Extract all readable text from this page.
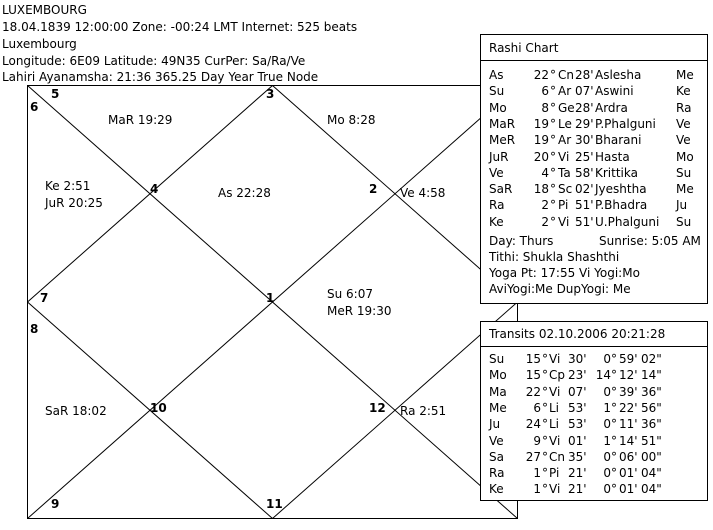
LUXEMBOURG
18.04.1839 12:00:00 Zone: -00:24 LMT Internet: 525 beats
Luxembourg
Longitude: 6E09 Latitude: 49N35 CurPer: Sa/Ra/Ve
Lahiri Ayanamsha: 21:36 365.25 Day Year True Node
1
2
3
4
5
6
7
8
9
10
11
12
Su 6:07
MeR 19:30
Ve 4:58
Mo 8:28
As 22:28
MaR 19:29
Ke 2:51
JuR 20:25
SaR 18:02	Ra 2:51
Rashi Chart
As	22 ° Cn 28' Aslesha	Me
Su	6 ° Ar 07' Aswini	Ke
Mo	8 ° Ge 28' Ardra	Ra
MaR	19 ° Le 29' P.Phalguni Ve
MeR	19 ° Ar 30' Bharani	Ve
JuR	20 ° Vi 25' Hasta	Mo
Ve	4 ° Ta 58' Krittika	Su
SaR	18 ° Sc 02' Jyeshtha Me
Ra	2 ° Pi 51' P.Bhadra Ju
Ke	2 ° Vi 51' U.Phalguni Su
Day: Thurs	Sunrise: 5:05 AM
Tithi: Shukla Shashthi
Yoga Pt: 17:55 Vi Yogi:Mo
AviYogi:Me DupYogi: Me
Transits 02.10.2006 20:21:28
Su	15 ° Vi 30'	0° 59' 02"
Mo	15 ° Cp 23' 14° 12' 14"
Ma	22 ° Vi 07'	0° 39' 36"
Me	6 ° Li 53'	1° 22' 56"
Ju	24 ° Li 53'	0° 11' 36"
Ve	9 ° Vi 01'	1° 14' 51"
Sa	27 ° Cn 35'	0° 06' 00"
Ra	1 ° Pi 21'	0° 01' 04"
Ke	1 ° Vi 21'	0° 01' 04"
